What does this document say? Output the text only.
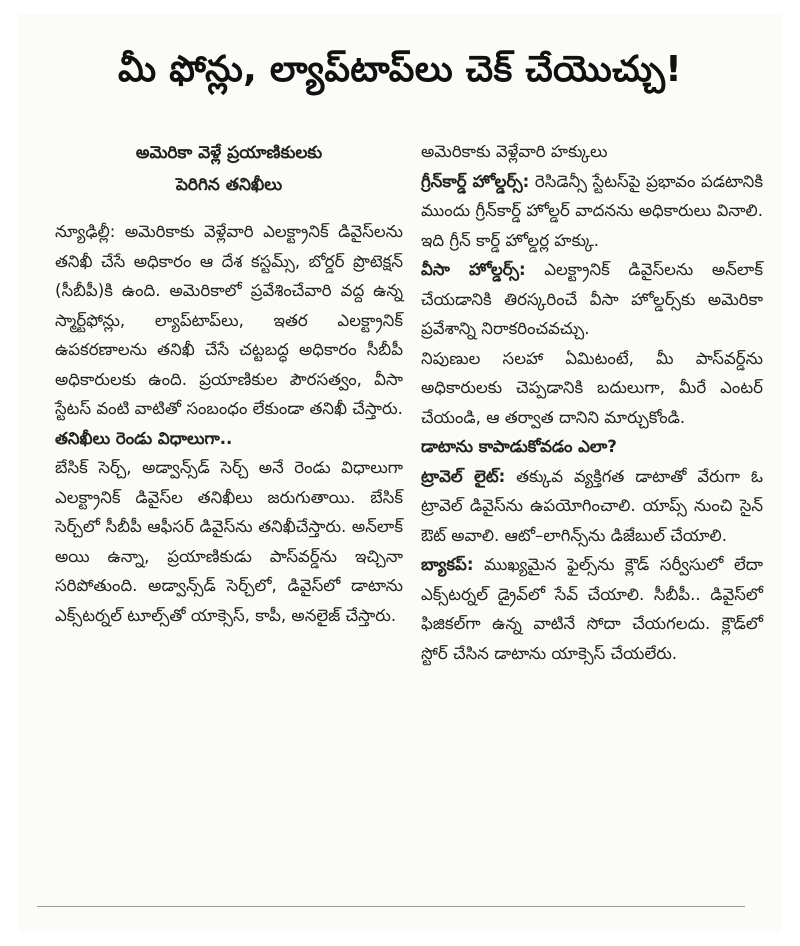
మీ ఫోన్లు, ల్యాప్‌టాప్‌లు చెక్ చేయొచ్చు!
అమెరికా వెళ్లే ప్రయాణికులకు
పెరిగిన తనిఖీలు

న్యూఢిల్లీ: అమెరికాకు వెళ్లేవారి ఎలక్ట్రానిక్ డివైస్‌లను తనిఖీ చేసే అధికారం ఆ దేశ కస్టమ్స్, బోర్డర్ ప్రొటెక్షన్ (సీబీపీ)కి ఉంది. అమెరికాలో ప్రవేశించేవారి వద్ద ఉన్న స్మార్ట్‌ఫోన్లు, ల్యాప్‌టాప్‌లు, ఇతర ఎలక్ట్రానిక్ ఉపకరణాలను తనిఖీ చేసే చట్టబద్ధ అధికారం సీబీపీ అధికారులకు ఉంది. ప్రయాణికుల పౌరసత్వం, వీసా స్టేటస్ వంటి వాటితో సంబంధం లేకుండా తనిఖీ చేస్తారు.

తనిఖీలు రెండు విధాలుగా..

బేసిక్ సెర్చ్, అడ్వాన్స్‌డ్ సెర్చ్ అనే రెండు విధాలుగా ఎలక్ట్రానిక్ డివైస్‌ల తనిఖీలు జరుగుతాయి. బేసిక్ సెర్చ్‌లో సీబీపీ ఆఫీసర్ డివైస్‌ను తనిఖీచేస్తారు. అన్‌లాక్ అయి ఉన్నా, ప్రయాణికుడు పాస్‌వర్డ్‌ను ఇచ్చినా సరిపోతుంది. అడ్వాన్స్‌డ్ సెర్చ్‌లో, డివైస్‌లో డాటాను ఎక్స్‌టర్నల్ టూల్స్‌తో యాక్సెస్, కాపీ, అనలైజ్ చేస్తారు.

అమెరికాకు వెళ్లేవారి హక్కులు

గ్రీన్‌కార్డ్ హోల్డర్స్: రెసిడెన్సీ స్టేటస్‌పై ప్రభావం పడటానికి ముందు గ్రీన్‌కార్డ్ హోల్డర్ వాదనను అధికారులు వినాలి. ఇది గ్రీన్ కార్డ్ హోల్డర్ల హక్కు.

వీసా హోల్డర్స్: ఎలక్ట్రానిక్ డివైస్‌లను అన్‌లాక్ చేయడానికి తిరస్కరించే వీసా హోల్డర్స్‌కు అమెరికా ప్రవేశాన్ని నిరాకరించవచ్చు.

నిపుణుల సలహా ఏమిటంటే, మీ పాస్‌వర్డ్‌ను అధికారులకు చెప్పడానికి బదులుగా, మీరే ఎంటర్ చేయండి, ఆ తర్వాత దానిని మార్చుకోండి.

డాటాను కాపాడుకోవడం ఎలా?

ట్రావెల్ లైట్: తక్కువ వ్యక్తిగత డాటాతో వేరుగా ఓ ట్రావెల్ డివైస్‌ను ఉపయోగించాలి. యాప్స్ నుంచి సైన్ ఔట్ అవాలి. ఆటో–లాగిన్స్‌ను డిజేబుల్ చేయాలి.

బ్యాకప్: ముఖ్యమైన ఫైల్స్‌ను క్లౌడ్ సర్వీసులో లేదా ఎక్స్‌టర్నల్ డ్రైవ్‌లో సేవ్ చేయాలి. సీబీపీ.. డివైస్‌లో ఫిజికల్‌గా ఉన్న వాటినే సోదా చేయగలదు. క్లౌడ్‌లో స్టోర్ చేసిన డాటాను యాక్సెస్ చేయలేరు.
